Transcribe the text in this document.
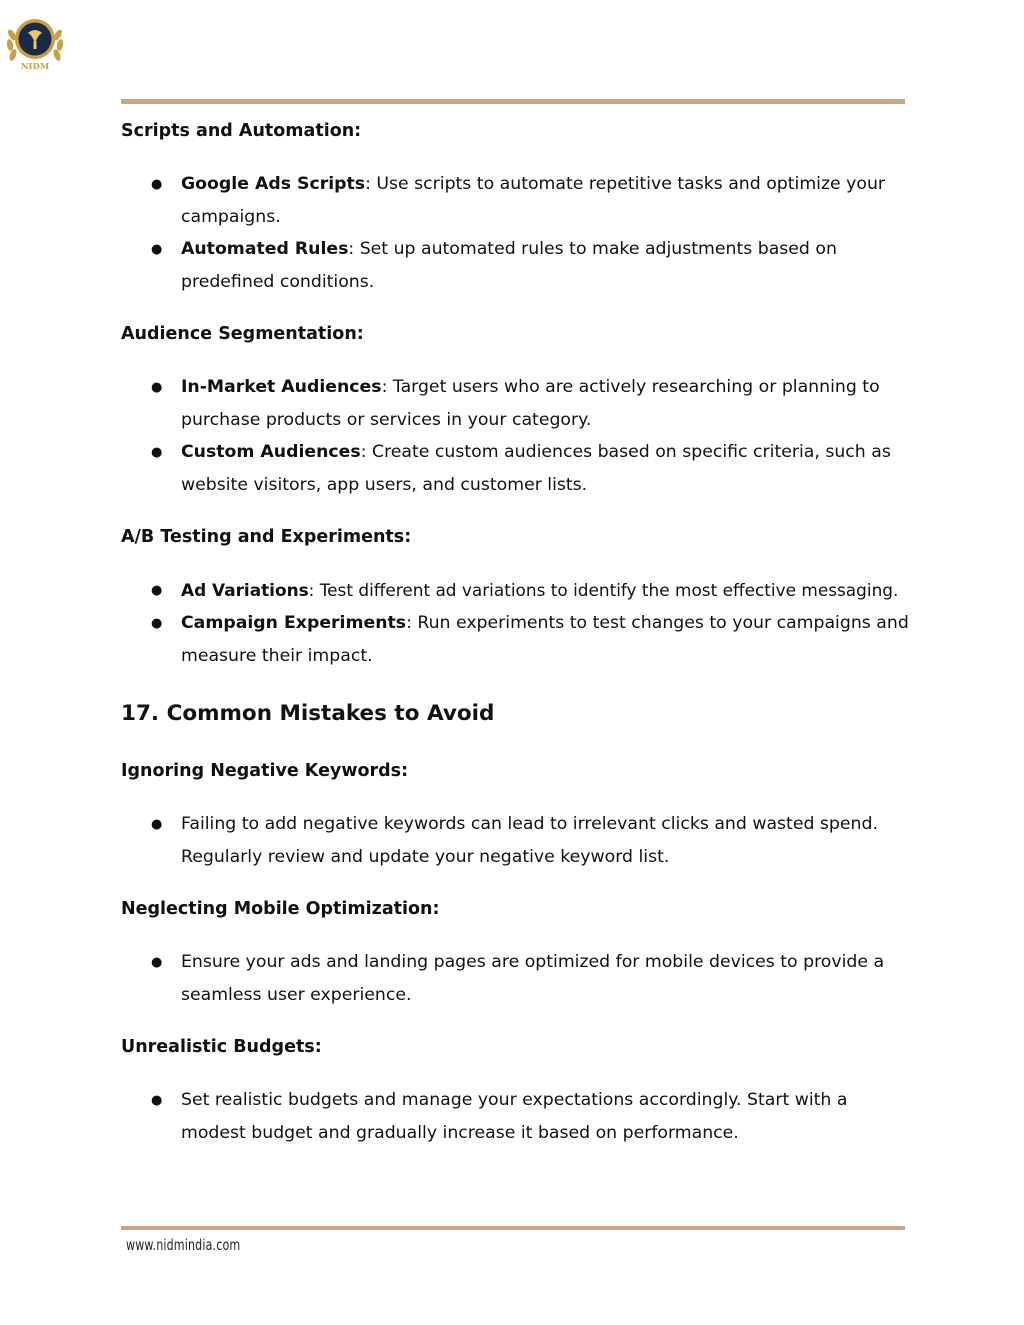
NIDM
Scripts and Automation:
● Google Ads Scripts: Use scripts to automate repetitive tasks and optimize your campaigns.

● Automated Rules: Set up automated rules to make adjustments based on predefined conditions.

Audience Segmentation:
● In-Market Audiences: Target users who are actively researching or planning to purchase products or services in your category.

● Custom Audiences: Create custom audiences based on specific criteria, such as website visitors, app users, and customer lists.

A/B Testing and Experiments:
● Ad Variations: Test different ad variations to identify the most effective messaging.

● Campaign Experiments: Run experiments to test changes to your campaigns and measure their impact.

17. Common Mistakes to Avoid
Ignoring Negative Keywords:
● Failing to add negative keywords can lead to irrelevant clicks and wasted spend. Regularly review and update your negative keyword list.

Neglecting Mobile Optimization:
● Ensure your ads and landing pages are optimized for mobile devices to provide a seamless user experience.

Unrealistic Budgets:
● Set realistic budgets and manage your expectations accordingly. Start with a modest budget and gradually increase it based on performance.

www.nidmindia.com
